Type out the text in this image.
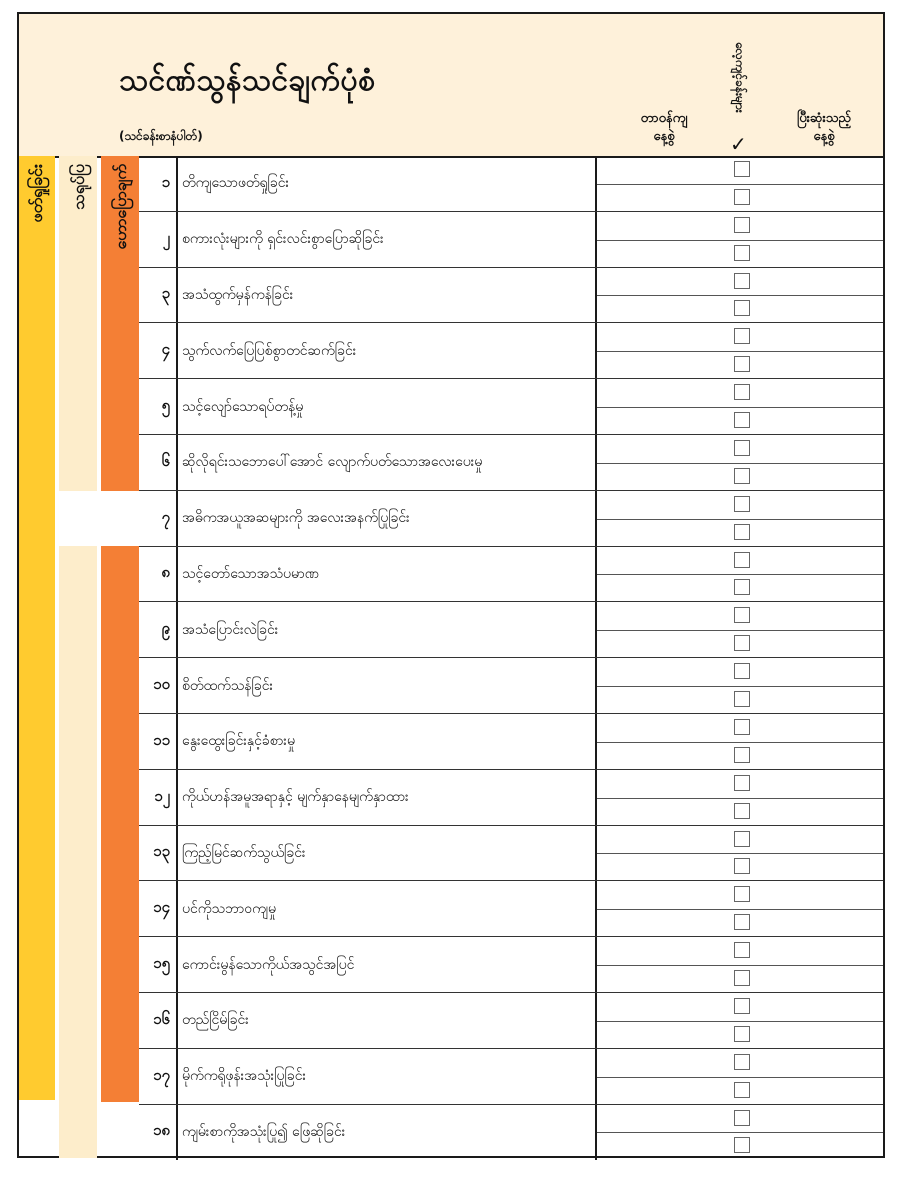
သင်ဏ်သွန်သင်ချက်ပုံစံ
(သင်ခန်းစာနံပါတ်)
တာဝန်ကျ
နေ့စွဲ
လေ့ကျင့်ခန်းများ
✓
ပြီးဆုံးသည့်
နေ့စွဲ
ဖတ်ရှုခြင်း သရုပ်ပြ ဟောပြောချက်	၁ တိကျသောဖတ်ရှုခြင်း
၂ စကားလုံးများကို ရှင်းလင်းစွာပြောဆိုခြင်း
၃ အသံထွက်မှန်ကန်ခြင်း
၄ သွက်လက်ပြေပြစ်စွာတင်ဆက်ခြင်း
၅ သင့်လျော်သောရပ်တန့်မှု
၆ ဆိုလိုရင်းသဘောပေါ်အောင် လျောက်ပတ်သောအလေးပေးမှု
၇ အဓိကအယူအဆများကို အလေးအနက်ပြုခြင်း
၈ သင့်တော်သောအသံပမာဏ
၉ အသံပြောင်းလဲခြင်း
၁၀ စိတ်ထက်သန်ခြင်း
၁၁ နွေးထွေးခြင်းနှင့်ခံစားမှု
၁၂ ကိုယ်ဟန်အမူအရာနှင့် မျက်နှာနေမျက်နှာထား
၁၃ ကြည့်မြင်ဆက်သွယ်ခြင်း
၁၄ ပင်ကိုသဘာဝကျမှု
၁၅ ကောင်းမွန်သောကိုယ်အသွင်အပြင်
၁၆ တည်ငြိမ်ခြင်း
၁၇ မိုက်ကရိုဖုန်းအသုံးပြုခြင်း
၁၈ ကျမ်းစာကိုအသုံးပြု၍ ဖြေဆိုခြင်း
